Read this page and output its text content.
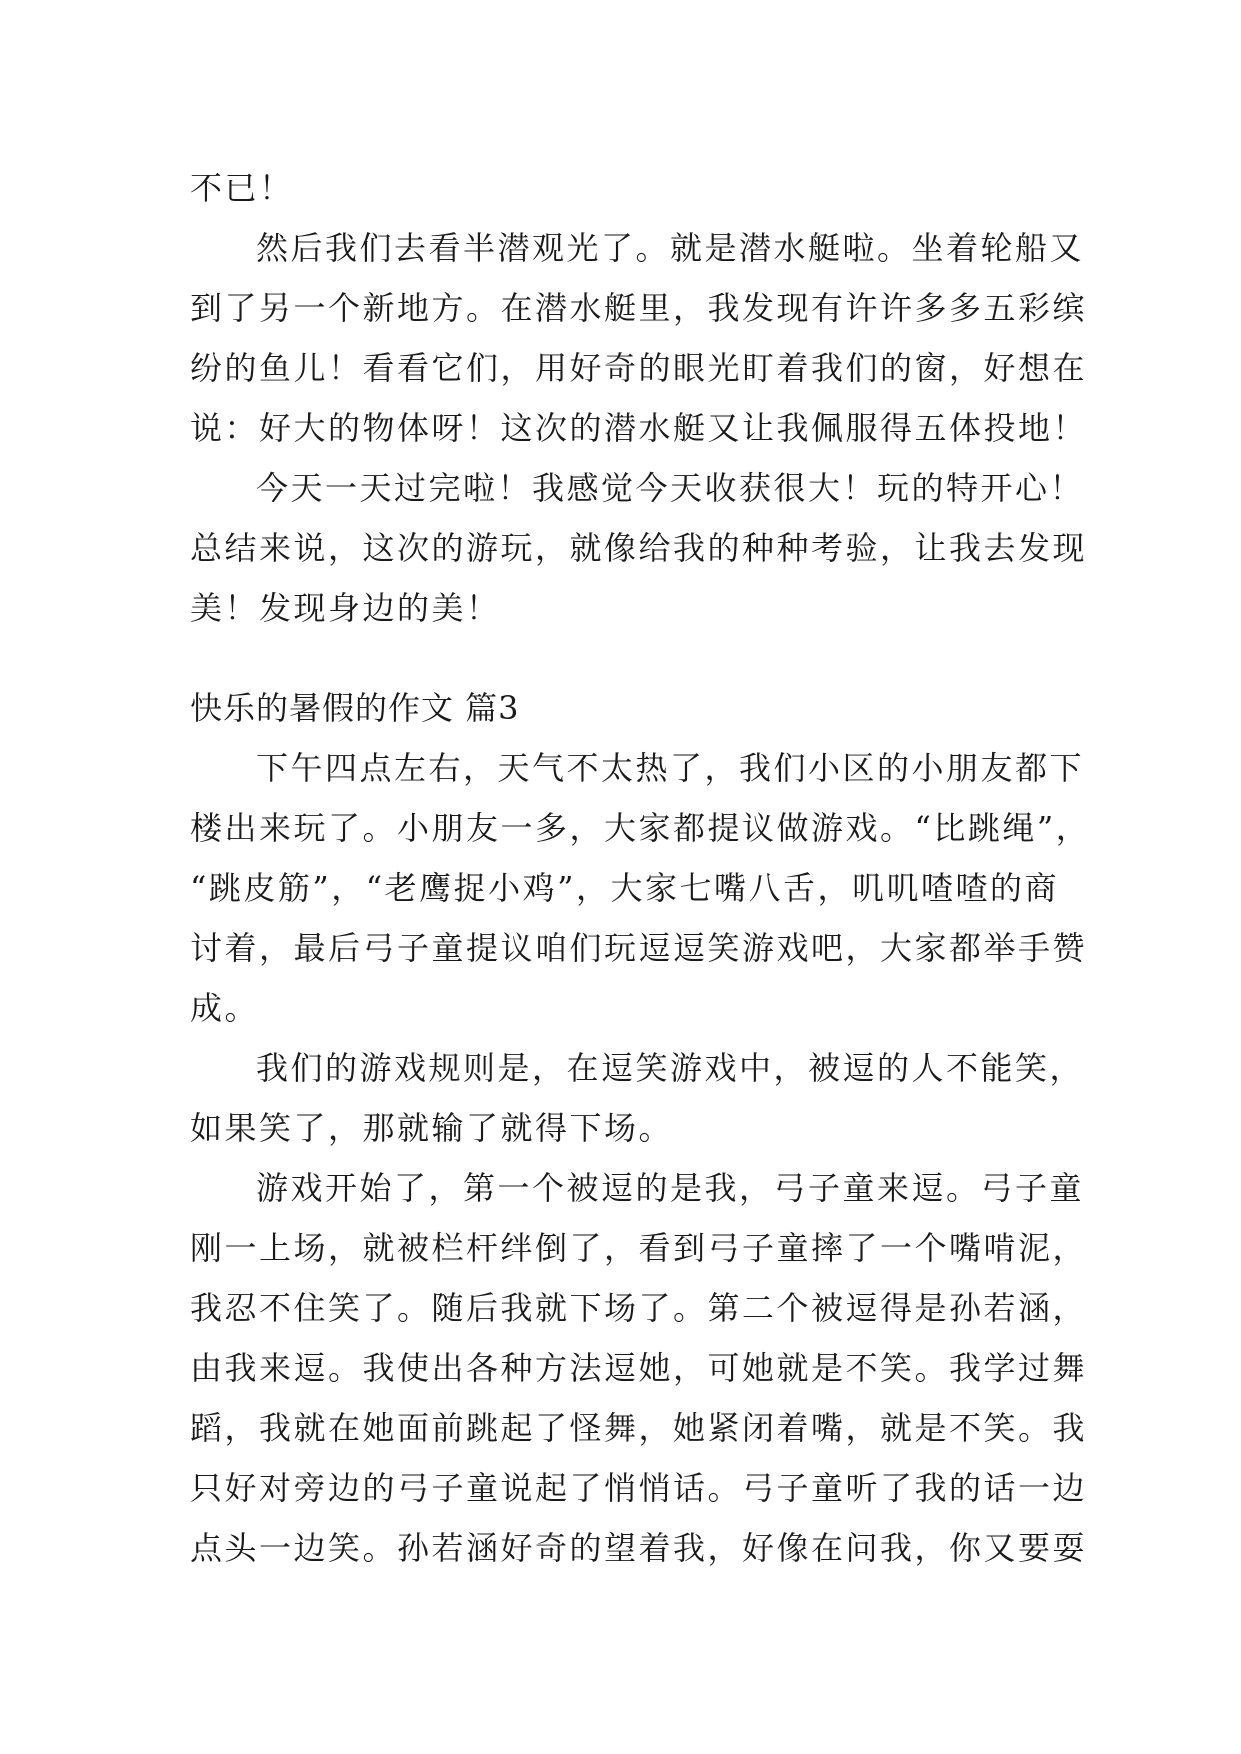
不已！
然后我们去看半潜观光了。就是潜水艇啦。坐着轮船又
到了另一个新地方。在潜水艇里，我发现有许许多多五彩缤
纷的鱼儿！看看它们，用好奇的眼光盯着我们的窗，好想在
说：好大的物体呀！这次的潜水艇又让我佩服得五体投地！
今天一天过完啦！我感觉今天收获很大！玩的特开心！
总结来说，这次的游玩，就像给我的种种考验，让我去发现
美！发现身边的美！
快乐的暑假的作文 篇3
下午四点左右，天气不太热了，我们小区的小朋友都下
楼出来玩了。小朋友一多，大家都提议做游戏。“比跳绳”，
“跳皮筋”，“老鹰捉小鸡”，大家七嘴八舌，叽叽喳喳的商
讨着，最后弓子童提议咱们玩逗逗笑游戏吧，大家都举手赞
成。
我们的游戏规则是，在逗笑游戏中，被逗的人不能笑，
如果笑了，那就输了就得下场。
游戏开始了，第一个被逗的是我，弓子童来逗。弓子童
刚一上场，就被栏杆绊倒了，看到弓子童摔了一个嘴啃泥，
我忍不住笑了。随后我就下场了。第二个被逗得是孙若涵，
由我来逗。我使出各种方法逗她，可她就是不笑。我学过舞
蹈，我就在她面前跳起了怪舞，她紧闭着嘴，就是不笑。我
只好对旁边的弓子童说起了悄悄话。弓子童听了我的话一边
点头一边笑。孙若涵好奇的望着我，好像在问我，你又要耍
